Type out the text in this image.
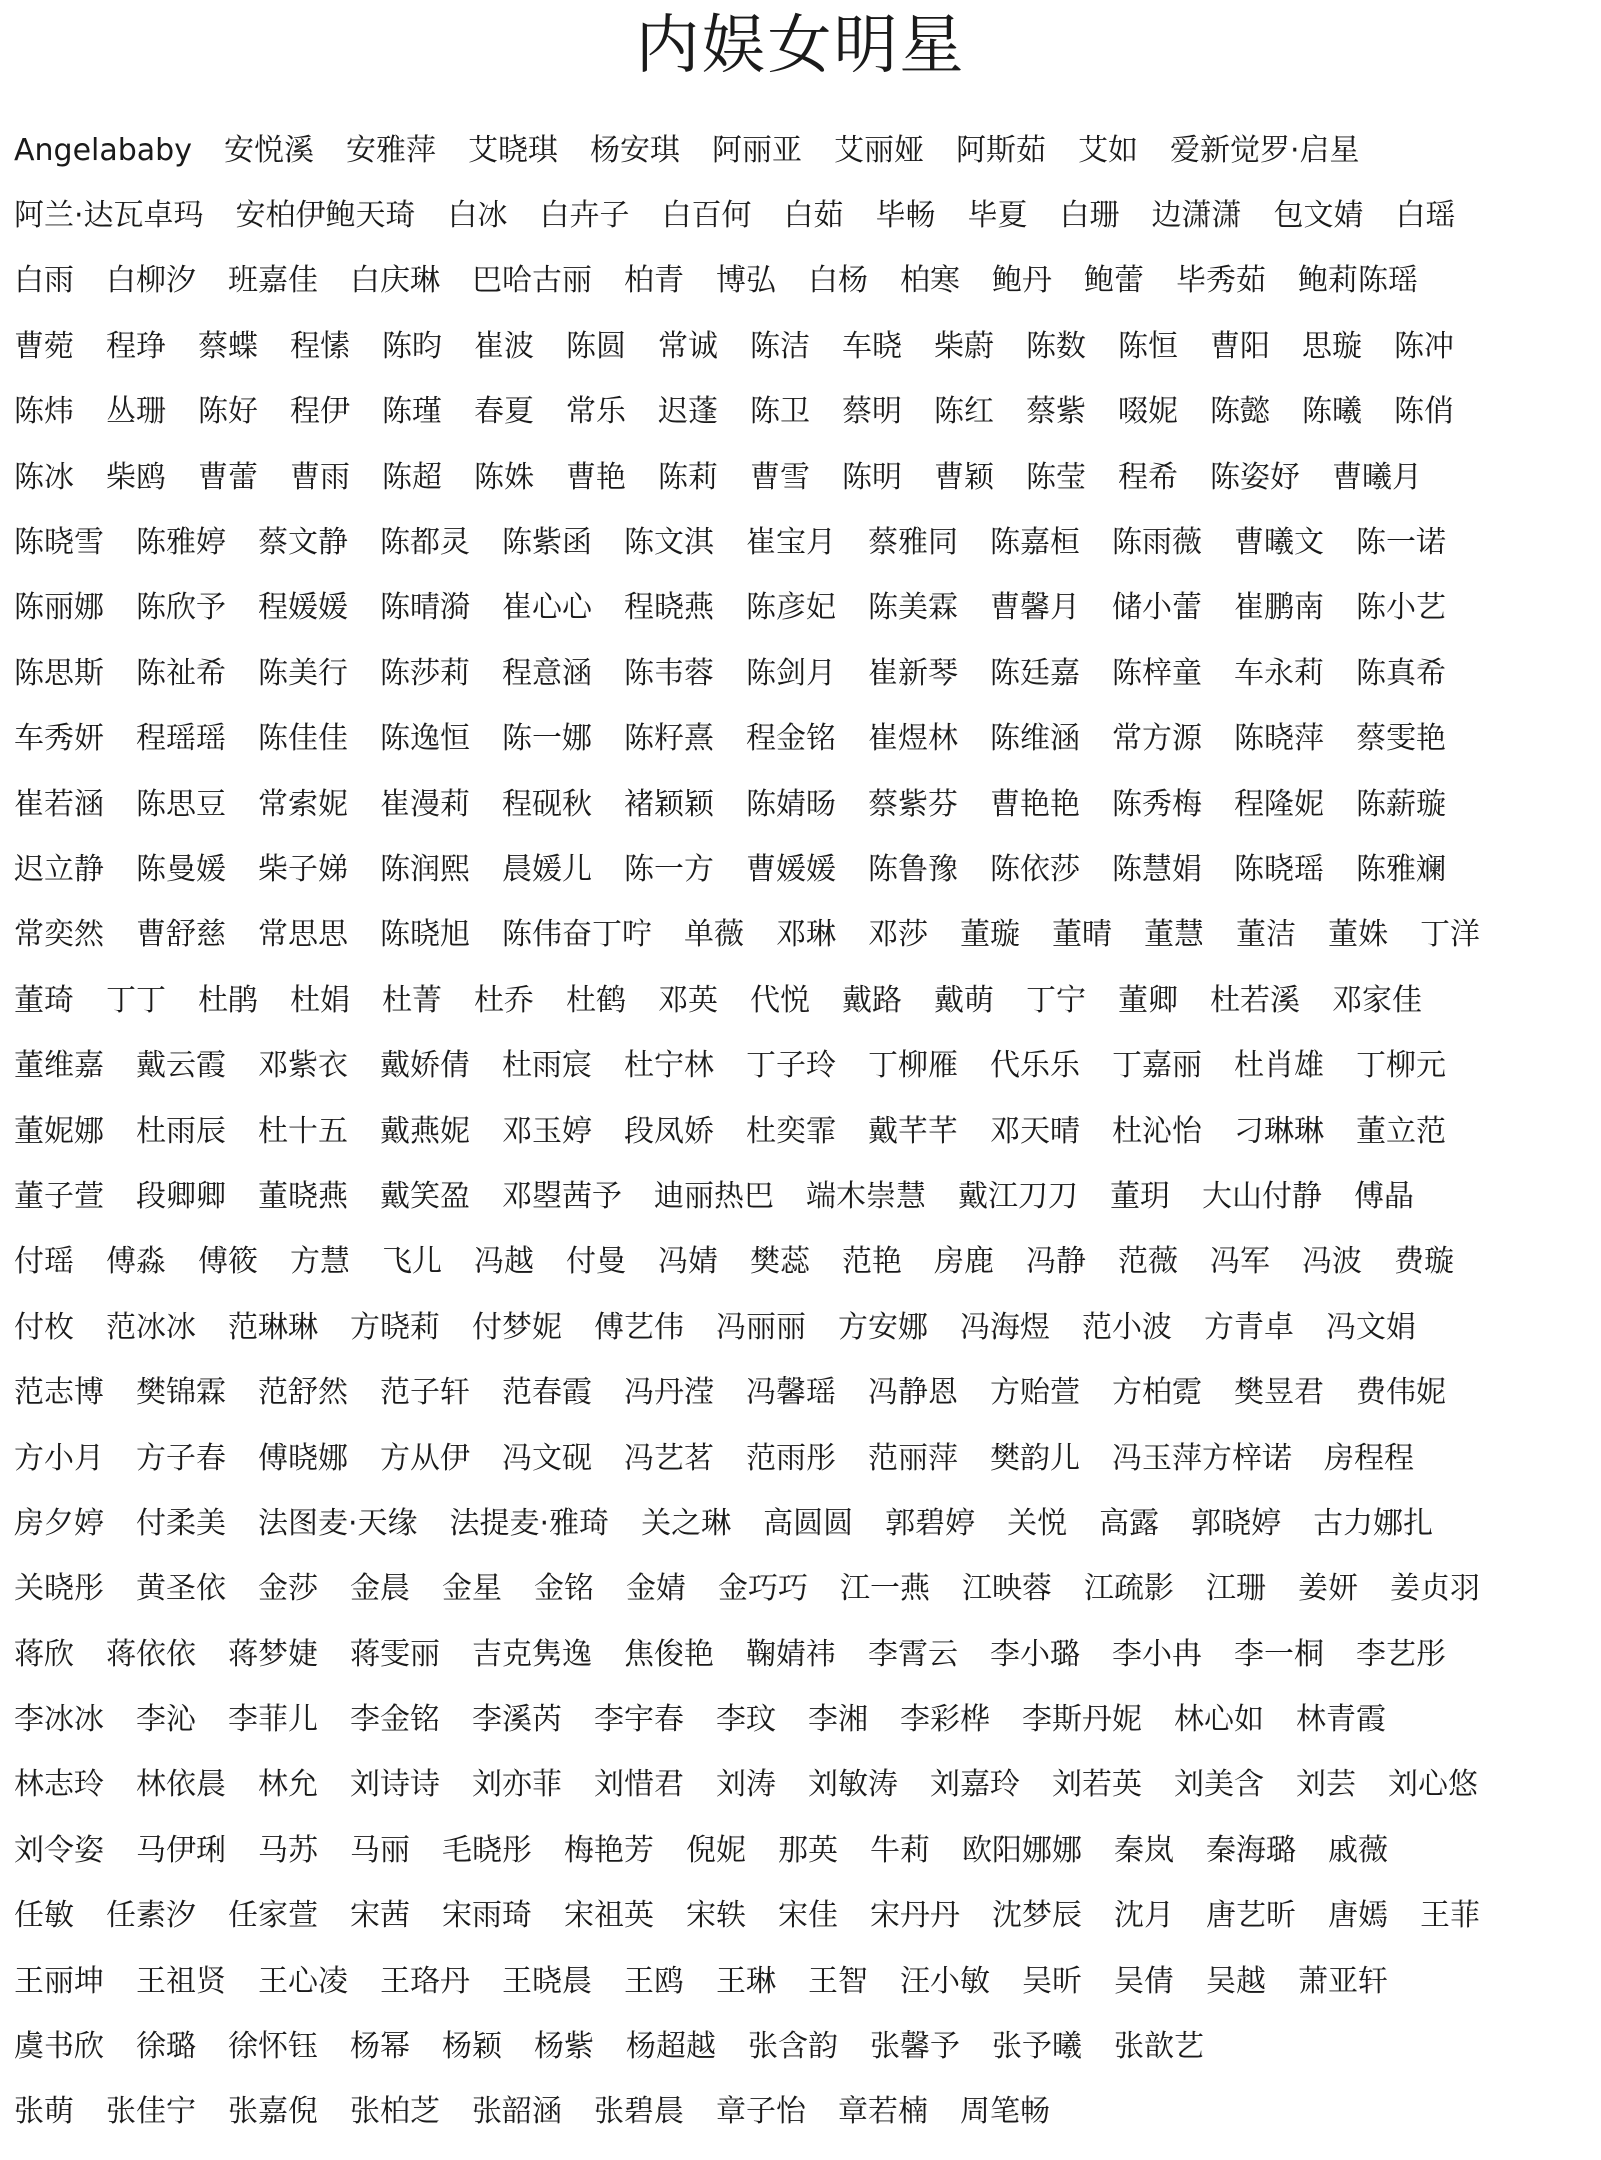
内娱女明星
Angelababy 安悦溪 安雅萍 艾晓琪 杨安琪 阿丽亚 艾丽娅 阿斯茹 艾如 爱新觉罗·启星
阿兰·达瓦卓玛 安柏伊鲍天琦 白冰 白卉子 白百何 白茹 毕畅 毕夏 白珊 边潇潇 包文婧 白瑶
白雨 白柳汐 班嘉佳 白庆琳 巴哈古丽 柏青 博弘 白杨 柏寒 鲍丹 鲍蕾 毕秀茹 鲍莉陈瑶
曹菀 程琤 蔡蝶 程愫 陈昀 崔波 陈圆 常诚 陈洁 车晓 柴蔚 陈数 陈恒 曹阳 思璇 陈冲
陈炜 丛珊 陈好 程伊 陈瑾 春夏 常乐 迟蓬 陈卫 蔡明 陈红 蔡紫 啜妮 陈懿 陈曦 陈俏
陈冰 柴鸥 曹蕾 曹雨 陈超 陈姝 曹艳 陈莉 曹雪 陈明 曹颖 陈莹 程希 陈姿妤 曹曦月
陈晓雪 陈雅婷 蔡文静 陈都灵 陈紫函 陈文淇 崔宝月 蔡雅同 陈嘉桓 陈雨薇 曹曦文 陈一诺
陈丽娜 陈欣予 程媛媛 陈晴漪 崔心心 程晓燕 陈彦妃 陈美霖 曹馨月 储小蕾 崔鹏南 陈小艺
陈思斯 陈祉希 陈美行 陈莎莉 程意涵 陈韦蓉 陈剑月 崔新琴 陈廷嘉 陈梓童 车永莉 陈真希
车秀妍 程瑶瑶 陈佳佳 陈逸恒 陈一娜 陈籽熹 程金铭 崔煜林 陈维涵 常方源 陈晓萍 蔡雯艳
崔若涵 陈思豆 常索妮 崔漫莉 程砚秋 褚颖颖 陈婧旸 蔡紫芬 曹艳艳 陈秀梅 程隆妮 陈薪璇
迟立静 陈曼媛 柴子娣 陈润熙 晨媛儿 陈一方 曹媛媛 陈鲁豫 陈依莎 陈慧娟 陈晓瑶 陈雅斓
常奕然 曹舒慈 常思思 陈晓旭 陈伟奋丁咛 单薇 邓琳 邓莎 董璇 董晴 董慧 董洁 董姝 丁洋
董琦 丁丁 杜鹃 杜娟 杜菁 杜乔 杜鹤 邓英 代悦 戴路 戴萌 丁宁 董卿 杜若溪 邓家佳
董维嘉 戴云霞 邓紫衣 戴娇倩 杜雨宸 杜宁林 丁子玲 丁柳雁 代乐乐 丁嘉丽 杜肖雄 丁柳元
董妮娜 杜雨辰 杜十五 戴燕妮 邓玉婷 段凤娇 杜奕霏 戴芊芊 邓天晴 杜沁怡 刁琳琳 董立范
董子萱 段卿卿 董晓燕 戴笑盈 邓曌茜予 迪丽热巴 端木崇慧 戴江刀刀 董玥 大山付静 傅晶
付瑶 傅淼 傅筱 方慧 飞儿 冯越 付曼 冯婧 樊蕊 范艳 房鹿 冯静 范薇 冯军 冯波 费璇
付枚 范冰冰 范琳琳 方晓莉 付梦妮 傅艺伟 冯丽丽 方安娜 冯海煜 范小波 方青卓 冯文娟
范志博 樊锦霖 范舒然 范子轩 范春霞 冯丹滢 冯馨瑶 冯静恩 方贻萱 方柏霓 樊昱君 费伟妮
方小月 方子春 傅晓娜 方从伊 冯文砚 冯艺茗 范雨彤 范丽萍 樊韵儿 冯玉萍方梓诺 房程程
房夕婷 付柔美 法图麦·天缘 法提麦·雅琦 关之琳 高圆圆 郭碧婷 关悦 高露 郭晓婷 古力娜扎
关晓彤 黄圣依 金莎 金晨 金星 金铭 金婧 金巧巧 江一燕 江映蓉 江疏影 江珊 姜妍 姜贞羽
蒋欣 蒋依依 蒋梦婕 蒋雯丽 吉克隽逸 焦俊艳 鞠婧祎 李霄云 李小璐 李小冉 李一桐 李艺彤
李冰冰 李沁 李菲儿 李金铭 李溪芮 李宇春 李玟 李湘 李彩桦 李斯丹妮 林心如 林青霞
林志玲 林依晨 林允 刘诗诗 刘亦菲 刘惜君 刘涛 刘敏涛 刘嘉玲 刘若英 刘美含 刘芸 刘心悠
刘令姿 马伊琍 马苏 马丽 毛晓彤 梅艳芳 倪妮 那英 牛莉 欧阳娜娜 秦岚 秦海璐 戚薇
任敏 任素汐 任家萱 宋茜 宋雨琦 宋祖英 宋轶 宋佳 宋丹丹 沈梦辰 沈月 唐艺昕 唐嫣 王菲
王丽坤 王祖贤 王心凌 王珞丹 王晓晨 王鸥 王琳 王智 汪小敏 吴昕 吴倩 吴越 萧亚轩
虞书欣 徐璐 徐怀钰 杨幂 杨颖 杨紫 杨超越 张含韵 张馨予 张予曦 张歆艺
张萌 张佳宁 张嘉倪 张柏芝 张韶涵 张碧晨 章子怡 章若楠 周笔畅
